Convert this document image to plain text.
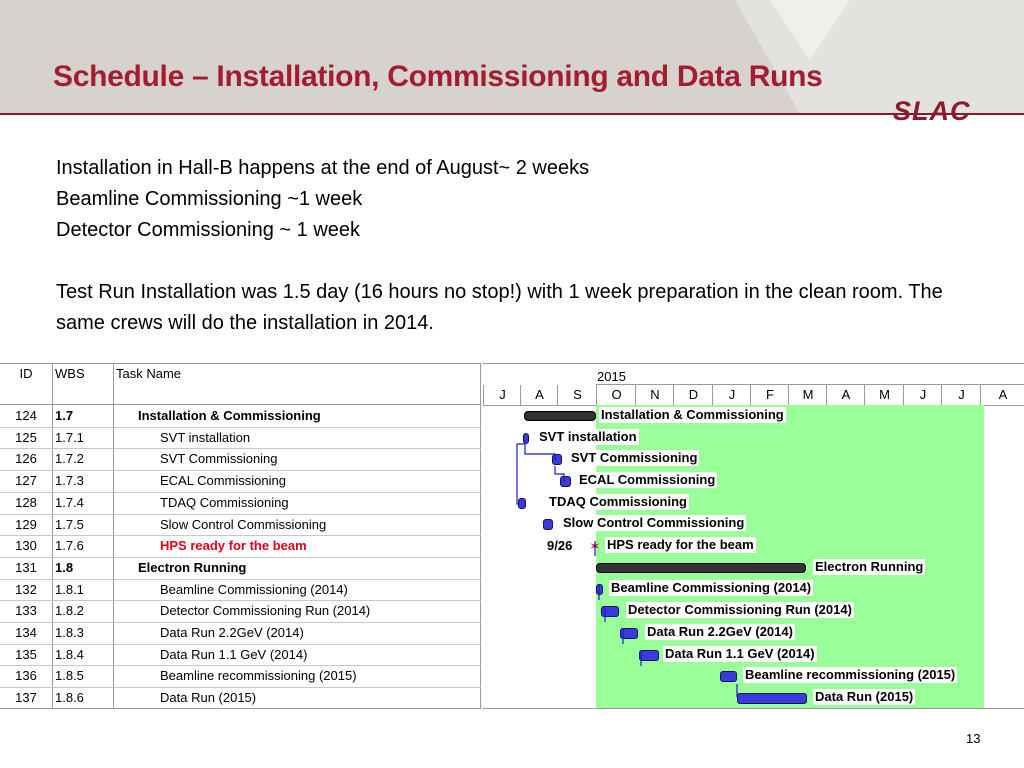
Schedule – Installation, Commissioning and Data Runs
SLAC

Installation in Hall-B happens at the end of August~ 2 weeks

Beamline Commissioning ~1 week

Detector Commissioning ~ 1 week

Test Run Installation was 1.5 day (16 hours no stop!) with 1 week preparation in the clean room. The same crews will do the installation in 2014.

ID	WBS Task Name
124	1.7	Installation & Commissioning
125	1.7.1	SVT installation
126	1.7.2	SVT Commissioning
127	1.7.3	ECAL Commissioning
128	1.7.4	TDAQ Commissioning
129	1.7.5	Slow Control Commissioning
130	1.7.6	HPS ready for the beam
131	1.8	Electron Running
132	1.8.1	Beamline Commissioning (2014)
133	1.8.2	Detector Commissioning Run (2014)
134	1.8.3	Data Run 2.2GeV (2014)
135	1.8.4	Data Run 1.1 GeV (2014)
136	1.8.5	Beamline recommissioning (2015)
137	1.8.6	Data Run (2015)
2015
J	A	S	O	N	D	J	F	M	A	M	J	J	A
Installation & Commissioning
SVT installation
SVT Commissioning
ECAL Commissioning
TDAQ Commissioning
Slow Control Commissioning
✶
9/26	HPS ready for the beam
Electron Running
Beamline Commissioning (2014)
Detector Commissioning Run (2014)
Data Run 2.2GeV (2014)
Data Run 1.1 GeV (2014)
Beamline recommissioning (2015)
Data Run (2015)
13
